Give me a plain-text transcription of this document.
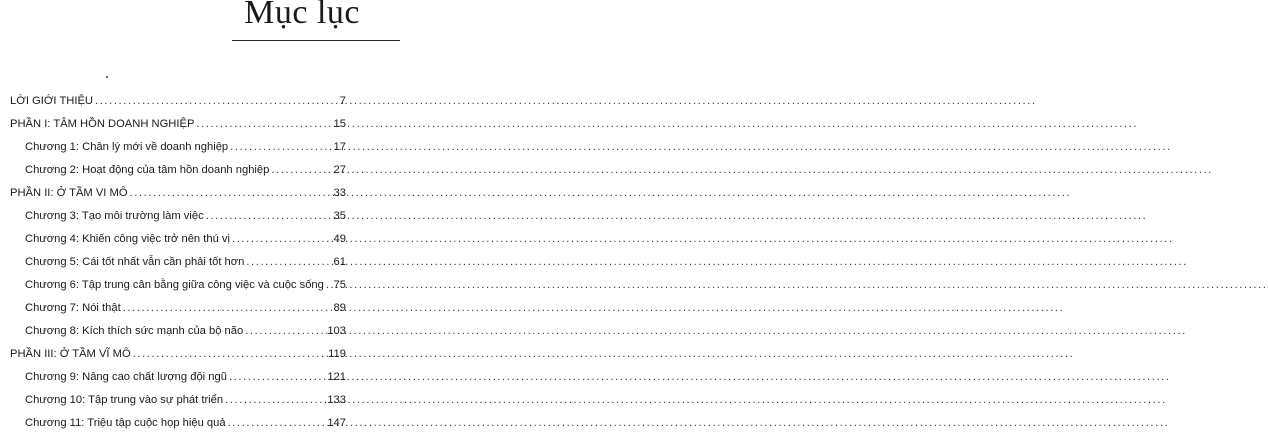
Mục lục
LỜI GIỚI THIỆU .....	7
PHẦN I: TÂM HỒN DOANH NGHIỆP .....	15
Chương 1: Chân lý mới về doanh nghiệp .....	17
Chương 2: Hoạt động của tâm hồn doanh nghiệp .....	27
PHẦN II: Ở TẦM VI MÔ .....	33
Chương 3: Tạo môi trường làm việc .....	35
Chương 4: Khiến công việc trở nên thú vị .....	49
Chương 5: Cái tốt nhất vẫn cần phải tốt hơn .....	61
Chương 6: Tập trung cân bằng giữa công việc và cuộc sống ..... 75
Chương 7: Nói thật .....	89
Chương 8: Kích thích sức mạnh của bộ não .....	103
PHẦN III: Ở TẦM VĨ MÔ .....	119
Chương 9: Nâng cao chất lượng đội ngũ .....	121
Chương 10: Tập trung vào sự phát triển .....	133
Chương 11: Triệu tập cuộc họp hiệu quả .....	147
